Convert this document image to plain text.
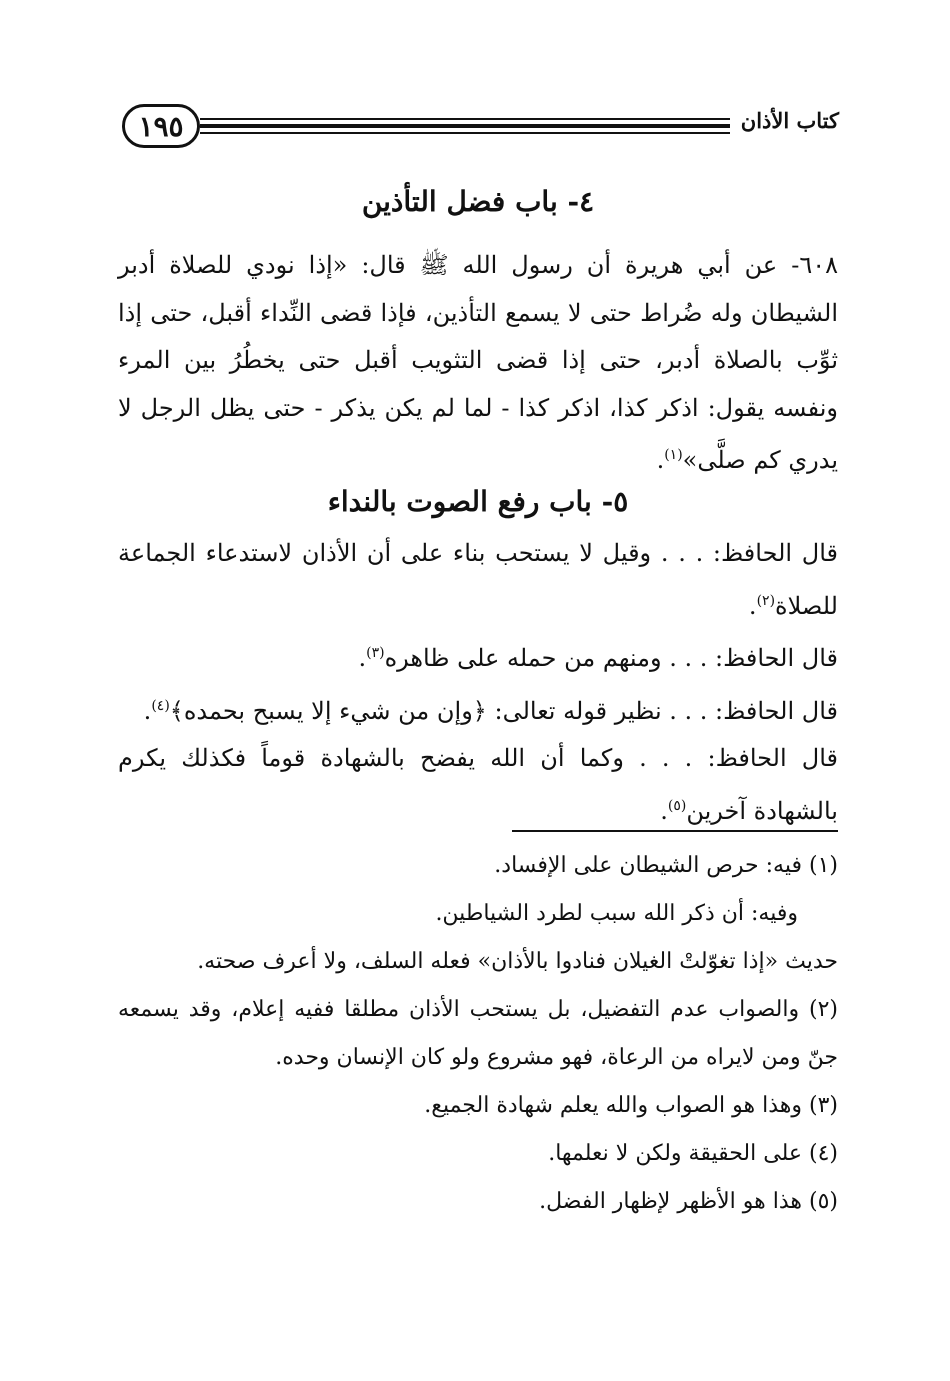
١٩٥	كتاب الأذان
٤- باب فضل التأذين

٦٠٨- عن أبي هريرة أن رسول الله ﷺ قال: «إذا نودي للصلاة أدبر الشيطان وله ضُراط حتى لا يسمع التأذين، فإذا قضى النِّداء أقبل، حتى إذا ثوِّب بالصلاة أدبر، حتى إذا قضى التثويب أقبل حتى يخطُرُ بين المرء ونفسه يقول: اذكر كذا، اذكر كذا - لما لم يكن يذكر - حتى يظل الرجل لا يدري كم صلَّى»$^{(١)}$.

٥- باب رفع الصوت بالنداء

قال الحافظ: . . . وقيل لا يستحب بناء على أن الأذان لاستدعاء الجماعة للصلاة$^{(٢)}$.

قال الحافظ: . . . ومنهم من حمله على ظاهره$^{(٣)}$.

قال الحافظ: . . . نظير قوله تعالى: ﴿وإن من شيء إلا يسبح بحمده﴾$^{(٤)}$.

قال الحافظ: . . . وكما أن الله يفضح بالشهادة قوماً فكذلك يكرم بالشهادة آخرين$^{(٥)}$.

(١) فيه: حرص الشيطان على الإفساد.

وفيه: أن ذكر الله سبب لطرد الشياطين.

حديث «إذا تغوّلتْ الغيلان فنادوا بالأذان» فعله السلف، ولا أعرف صحته.

(٢) والصواب عدم التفضيل، بل يستحب الأذان مطلقا ففيه إعلام، وقد يسمعه جنّ ومن لايراه من الرعاة، فهو مشروع ولو كان الإنسان وحده.

(٣) وهذا هو الصواب والله يعلم شهادة الجميع.

(٤) على الحقيقة ولكن لا نعلمها.

(٥) هذا هو الأظهر لإظهار الفضل.
